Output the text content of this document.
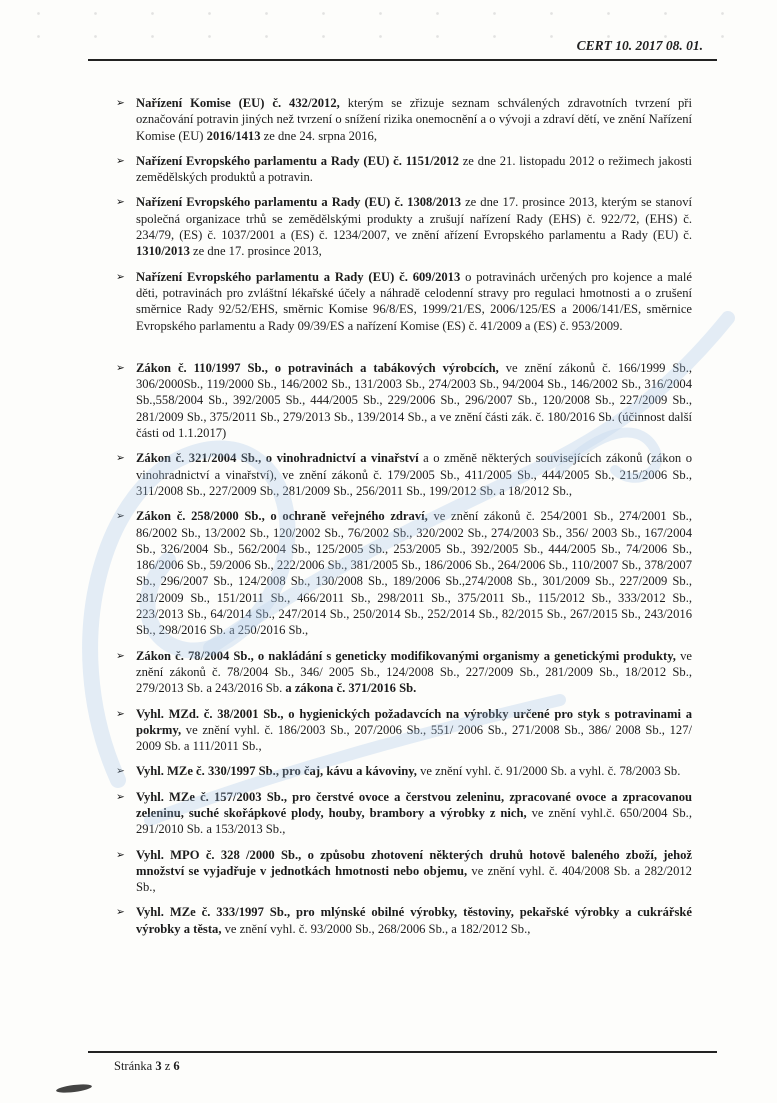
CERT 10. 2017 08. 01.
➢ Nařízení Komise (EU) č. 432/2012, kterým se zřizuje seznam schválených zdravotních tvrzení při označování potravin jiných než tvrzení o snížení rizika onemocnění a o vývoji a zdraví dětí, ve znění Nařízení Komise (EU) 2016/1413 ze dne 24. srpna 2016,
➢ Nařízení Evropského parlamentu a Rady (EU) č. 1151/2012 ze dne 21. listopadu 2012 o režimech jakosti zemědělských produktů a potravin.
➢ Nařízení Evropského parlamentu a Rady (EU) č. 1308/2013 ze dne 17. prosince 2013, kterým se stanoví společná organizace trhů se zemědělskými produkty a zrušují nařízení Rady (EHS) č. 922/72, (EHS) č. 234/79, (ES) č. 1037/2001 a (ES) č. 1234/2007, ve znění ařízení Evropského parlamentu a Rady (EU) č. 1310/2013 ze dne 17. prosince 2013,
➢ Nařízení Evropského parlamentu a Rady (EU) č. 609/2013 o potravinách určených pro kojence a malé děti, potravinách pro zvláštní lékařské účely a náhradě celodenní stravy pro regulaci hmotnosti a o zrušení směrnice Rady 92/52/EHS, směrnic Komise 96/8/ES, 1999/21/ES, 2006/125/ES a 2006/141/ES, směrnice Evropského parlamentu a Rady 09/39/ES a nařízení Komise (ES) č. 41/2009 a (ES) č. 953/2009.
➢ Zákon č. 110/1997 Sb., o potravinách a tabákových výrobcích, ve znění zákonů č. 166/1999 Sb., 306/2000Sb., 119/2000 Sb., 146/2002 Sb., 131/2003 Sb., 274/2003 Sb., 94/2004 Sb., 146/2002 Sb., 316/2004 Sb.,558/2004 Sb., 392/2005 Sb., 444/2005 Sb., 229/2006 Sb., 296/2007 Sb., 120/2008 Sb., 227/2009 Sb., 281/2009 Sb., 375/2011 Sb., 279/2013 Sb., 139/2014 Sb., a ve znění části zák. č. 180/2016 Sb. (účinnost další části od 1.1.2017)
➢ Zákon č. 321/2004 Sb., o vinohradnictví a vinařství a o změně některých souvisejících zákonů (zákon o vinohradnictví a vinařství), ve znění zákonů č. 179/2005 Sb., 411/2005 Sb., 444/2005 Sb., 215/2006 Sb., 311/2008 Sb., 227/2009 Sb., 281/2009 Sb., 256/2011 Sb., 199/2012 Sb. a 18/2012 Sb.,
➢ Zákon č. 258/2000 Sb., o ochraně veřejného zdraví, ve znění zákonů č. 254/2001 Sb., 274/2001 Sb., 86/2002 Sb., 13/2002 Sb., 120/2002 Sb., 76/2002 Sb., 320/2002 Sb., 274/2003 Sb., 356/ 2003 Sb., 167/2004 Sb., 326/2004 Sb., 562/2004 Sb., 125/2005 Sb., 253/2005 Sb., 392/2005 Sb., 444/2005 Sb., 74/2006 Sb., 186/2006 Sb., 59/2006 Sb., 222/2006 Sb., 381/2005 Sb., 186/2006 Sb., 264/2006 Sb., 110/2007 Sb., 378/2007 Sb., 296/2007 Sb., 124/2008 Sb., 130/2008 Sb., 189/2006 Sb.,274/2008 Sb., 301/2009 Sb., 227/2009 Sb., 281/2009 Sb., 151/2011 Sb., 466/2011 Sb., 298/2011 Sb., 375/2011 Sb., 115/2012 Sb., 333/2012 Sb., 223/2013 Sb., 64/2014 Sb., 247/2014 Sb., 250/2014 Sb., 252/2014 Sb., 82/2015 Sb., 267/2015 Sb., 243/2016 Sb., 298/2016 Sb. a 250/2016 Sb.,
➢ Zákon č. 78/2004 Sb., o nakládání s geneticky modifikovanými organismy a genetickými produkty, ve znění zákonů č. 78/2004 Sb., 346/ 2005 Sb., 124/2008 Sb., 227/2009 Sb., 281/2009 Sb., 18/2012 Sb., 279/2013 Sb. a 243/2016 Sb. a zákona č. 371/2016 Sb.
➢ Vyhl. MZd. č. 38/2001 Sb., o hygienických požadavcích na výrobky určené pro styk s potravinami a pokrmy, ve znění vyhl. č. 186/2003 Sb., 207/2006 Sb., 551/ 2006 Sb., 271/2008 Sb., 386/ 2008 Sb., 127/ 2009 Sb. a 111/2011 Sb.,
➢ Vyhl. MZe č. 330/1997 Sb., pro čaj, kávu a kávoviny, ve znění vyhl. č. 91/2000 Sb. a vyhl. č. 78/2003 Sb.
➢ Vyhl. MZe č. 157/2003 Sb., pro čerstvé ovoce a čerstvou zeleninu, zpracované ovoce a zpracovanou zeleninu, suché skořápkové plody, houby, brambory a výrobky z nich, ve znění vyhl.č. 650/2004 Sb., 291/2010 Sb. a 153/2013 Sb.,
➢ Vyhl. MPO č. 328 /2000 Sb., o způsobu zhotovení některých druhů hotově baleného zboží, jehož množství se vyjadřuje v jednotkách hmotnosti nebo objemu, ve znění vyhl. č. 404/2008 Sb. a 282/2012 Sb.,
➢ Vyhl. MZe č. 333/1997 Sb., pro mlýnské obilné výrobky, těstoviny, pekařské výrobky a cukrářské výrobky a těsta, ve znění vyhl. č. 93/2000 Sb., 268/2006 Sb., a 182/2012 Sb.,
Stránka 3 z 6
